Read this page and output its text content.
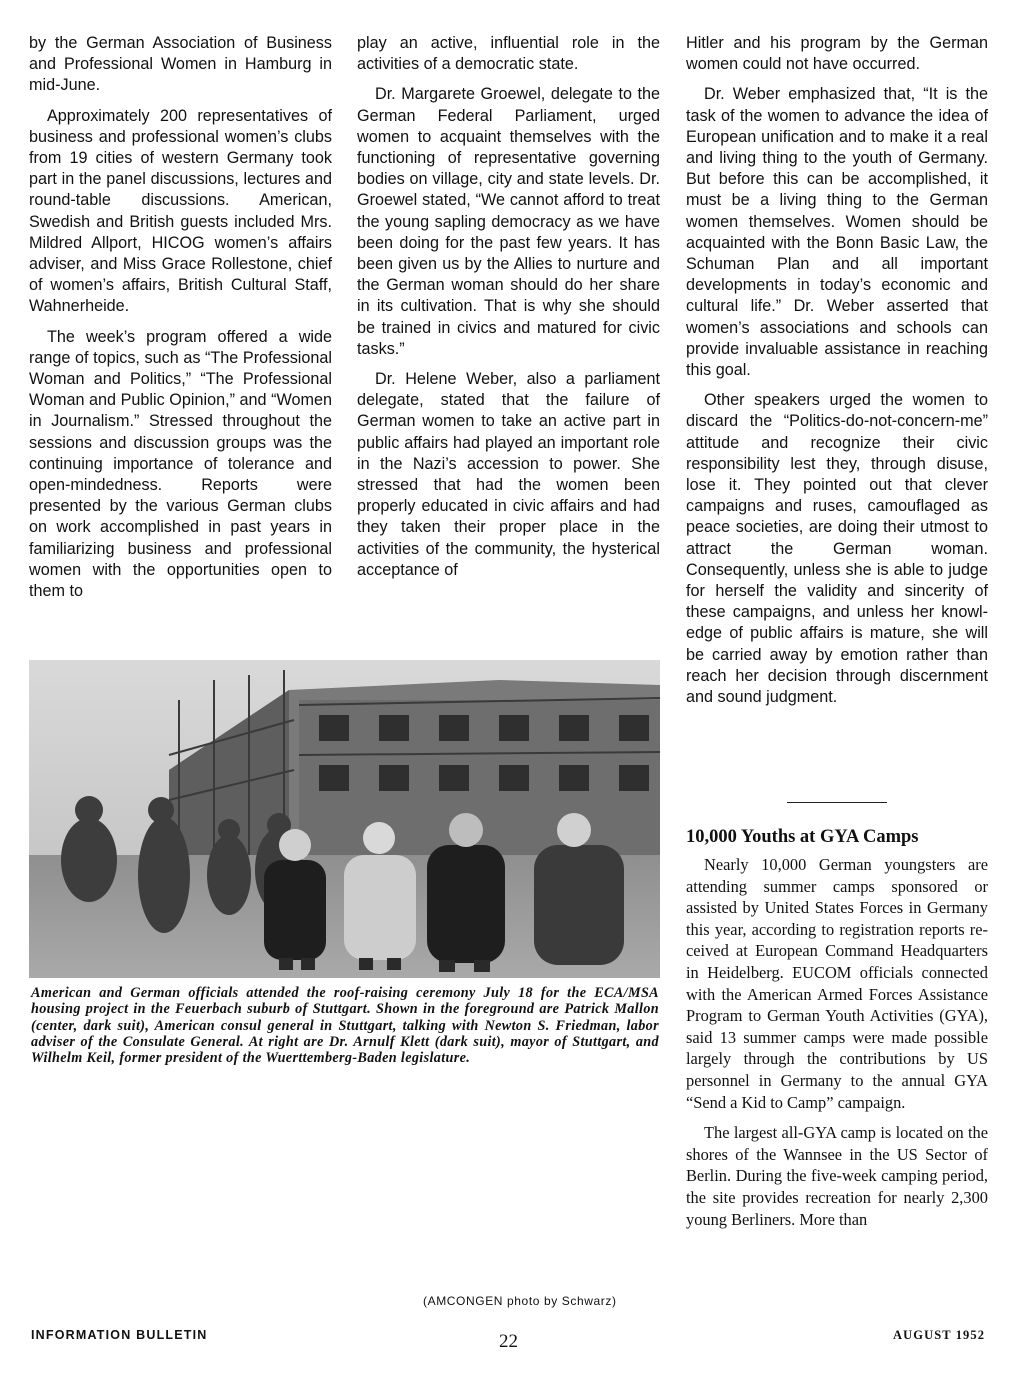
by the German Association of Business and Professional Women in Hamburg in mid-June.

Approximately 200 representatives of business and professional women’s clubs from 19 cities of western Germany took part in the panel discussions, lectures and round-table discussions. American, Swedish and British guests included Mrs. Mildred Allport, HICOG women’s affairs adviser, and Miss Grace Rollestone, chief of women’s affairs, British Cultural Staff, Wahnerheide.

The week’s program offered a wide range of topics, such as “The Professional Woman and Politics,” “The Professional Woman and Public Opinion,” and “Women in Journalism.” Stressed throughout the sessions and discussion groups was the continuing importance of tolerance and open-mindedness. Reports were presented by the various German clubs on work accomplished in past years in familiarizing business and professional women with the opportunities open to them to

play an active, influential role in the activities of a democratic state.

Dr. Margarete Groewel, delegate to the German Federal Parliament, urged women to acquaint themselves with the functioning of representative governing bodies on village, city and state levels. Dr. Groewel stated, “We cannot afford to treat the young sapling democracy as we have been doing for the past few years. It has been given us by the Allies to nurture and the German woman should do her share in its cultivation. That is why she should be trained in civics and matured for civic tasks.”

Dr. Helene Weber, also a parliament delegate, stated that the failure of German women to take an active part in public affairs had played an important role in the Nazi’s accession to power. She stressed that had the women been properly educated in civic affairs and had they taken their proper place in the activities of the community, the hysterical acceptance of

Hitler and his program by the German women could not have occurred.

Dr. Weber emphasized that, “It is the task of the women to advance the idea of European unification and to make it a real and living thing to the youth of Germany. But before this can be accomplished, it must be a living thing to the German women themselves. Women should be acquainted with the Bonn Basic Law, the Schuman Plan and all important developments in today’s economic and cultural life.” Dr. Weber asserted that women’s associations and schools can provide invaluable assistance in reaching this goal.

Other speakers urged the women to discard the “Politics-do-not-concern-me” attitude and recognize their civic responsibility lest they, through disuse, lose it. They pointed out that clever campaigns and ruses, camouflaged as peace societies, are doing their utmost to attract the German woman. Consequently, unless she is able to judge for herself the validity and sincerity of these campaigns, and unless her knowledge of public affairs is mature, she will be carried away by emotion rather than reach her decision through discernment and sound judgment.

10,000 Youths at GYA Camps

Nearly 10,000 German youngsters are attending summer camps sponsored or assisted by United States Forces in Germany this year, according to registration reports received at European Command Headquarters in Heidelberg. EUCOM officials connected with the American Armed Forces Assistance Program to German Youth Activities (GYA), said 13 summer camps were made possible largely through the contributions by US personnel in Germany to the annual GYA “Send a Kid to Camp” campaign.

The largest all-GYA camp is located on the shores of the Wannsee in the US Sector of Berlin. During the five-week camping period, the site provides recreation for nearly 2,300 young Berliners. More than

American and German officials attended the roof-raising ceremony July 18 for the ECA/MSA housing project in the Feuerbach suburb of Stuttgart. Shown in the foreground are Patrick Mallon (center, dark suit), American consul general in Stuttgart, talking with Newton S. Friedman, labor adviser of the Consulate General. At right are Dr. Arnulf Klett (dark suit), mayor of Stuttgart, and Wilhelm Keil, former president of the Wuerttemberg-Baden legislature.
(AMCONGEN photo by Schwarz)
INFORMATION BULLETIN	22	AUGUST 1952
